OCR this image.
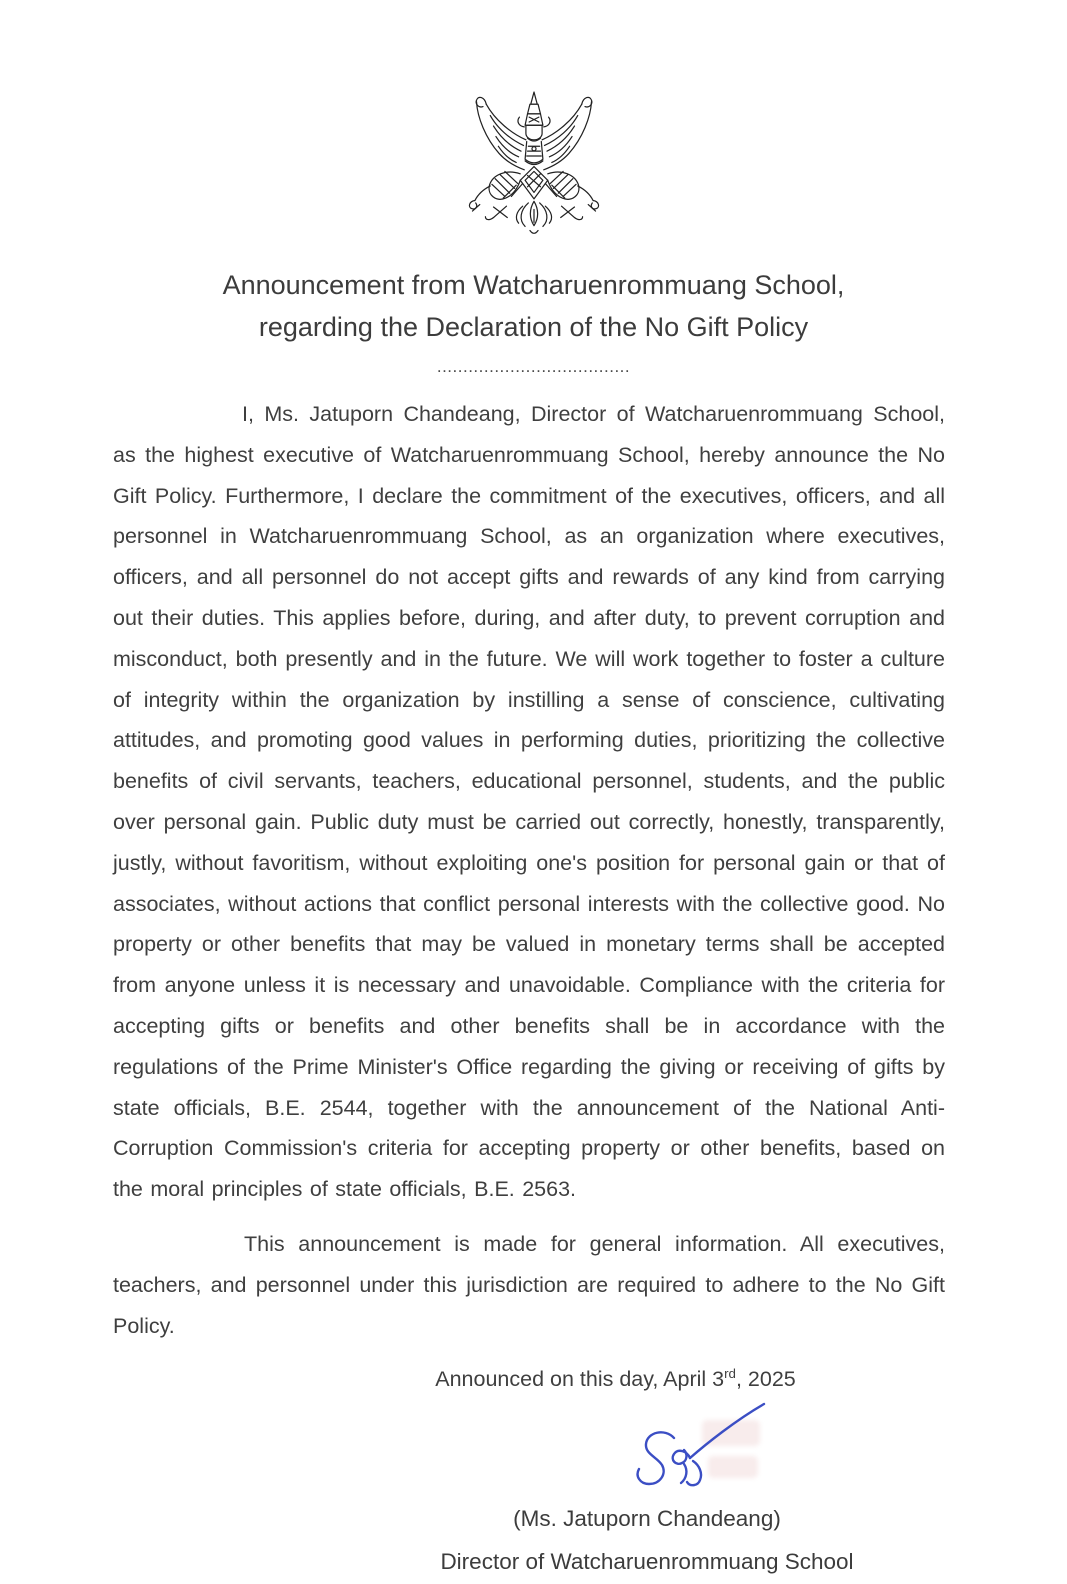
Announcement from Watcharuenrommuang School,
regarding the Declaration of the No Gift Policy
.....................................

I, Ms. Jatuporn Chandeang, Director of Watcharuenrommuang School, as the highest executive of Watcharuenrommuang School, hereby announce the No Gift Policy. Furthermore, I declare the commitment of the executives, officers, and all personnel in Watcharuenrommuang School, as an organization where executives, officers, and all personnel do not accept gifts and rewards of any kind from carrying out their duties. This applies before, during, and after duty, to prevent corruption and misconduct, both presently and in the future. We will work together to foster a culture of integrity within the organization by instilling a sense of conscience, cultivating attitudes, and promoting good values in performing duties, prioritizing the collective benefits of civil servants, teachers, educational personnel, students, and the public over personal gain. Public duty must be carried out correctly, honestly, transparently, justly, without favoritism, without exploiting one's position for personal gain or that of associates, without actions that conflict personal interests with the collective good. No property or other benefits that may be valued in monetary terms shall be accepted from anyone unless it is necessary and unavoidable. Compliance with the criteria for accepting gifts or benefits and other benefits shall be in accordance with the regulations of the Prime Minister's Office regarding the giving or receiving of gifts by state officials, B.E. 2544, together with the announcement of the National Anti-Corruption Commission's criteria for accepting property or other benefits, based on the moral principles of state officials, B.E. 2563.

This announcement is made for general information. All executives, teachers, and personnel under this jurisdiction are required to adhere to the No Gift Policy.

Announced on this day, April 3rd, 2025
(Ms. Jatuporn Chandeang)
Director of Watcharuenrommuang School
